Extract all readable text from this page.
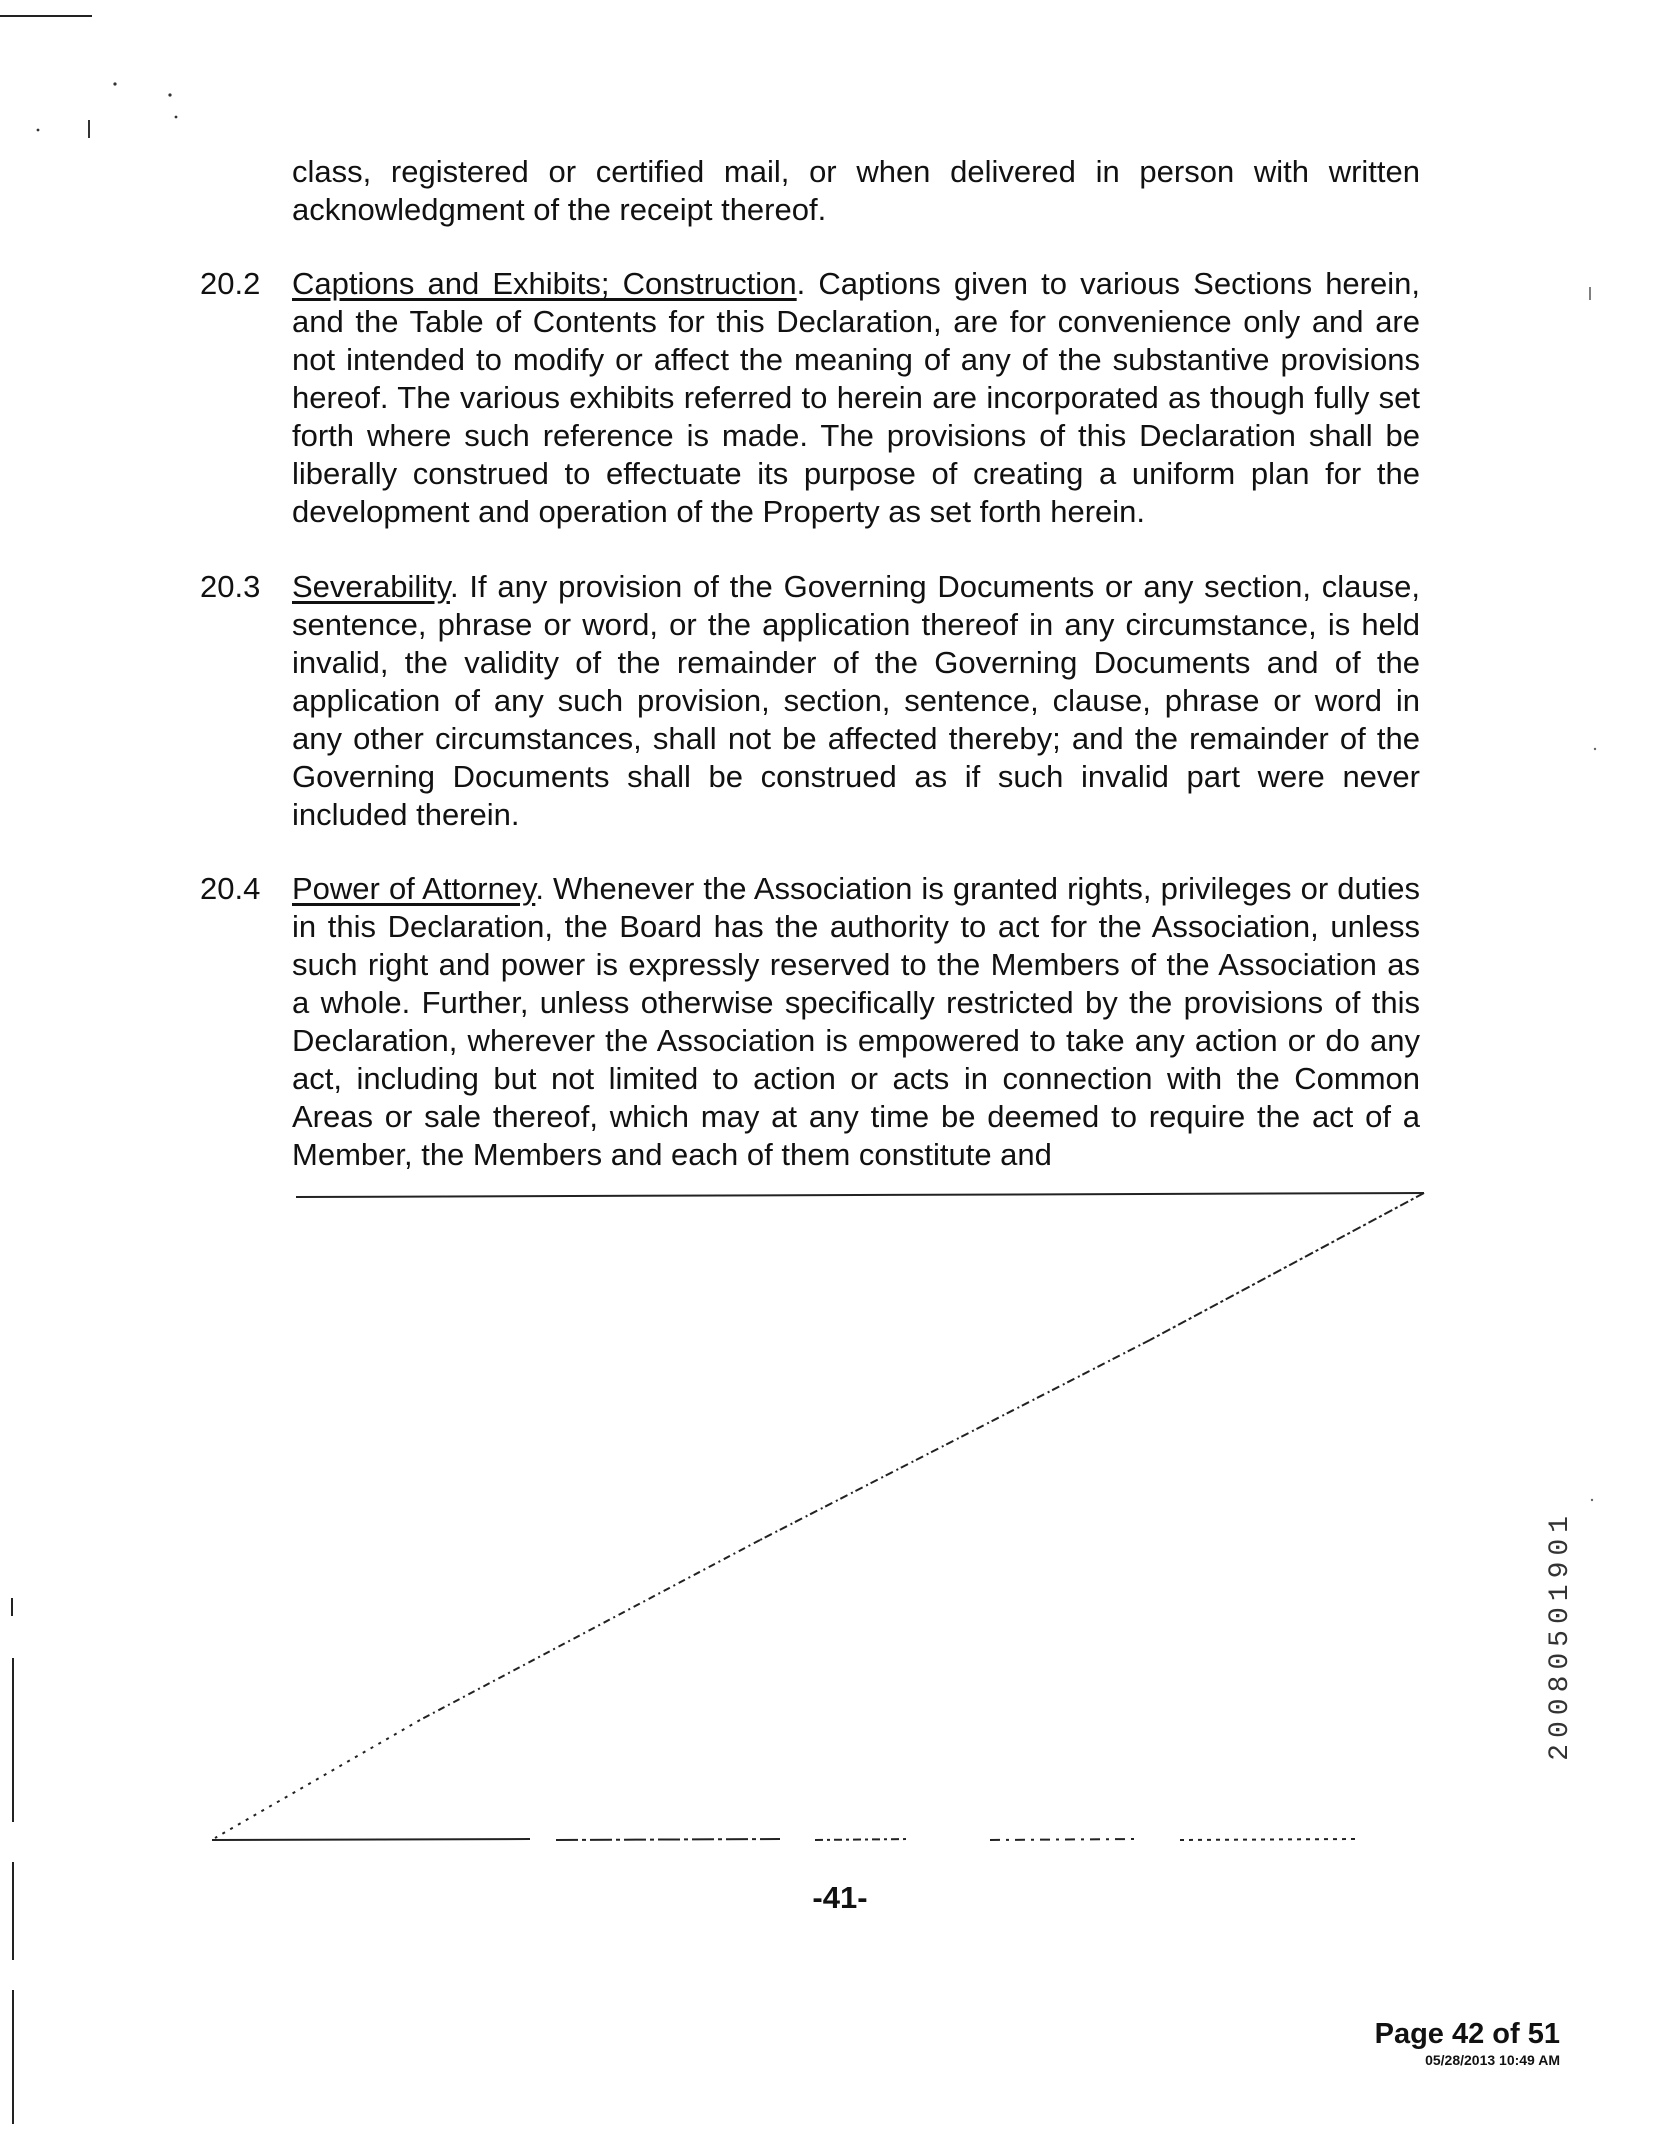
class, registered or certified mail, or when delivered in person with written acknowledgment of the receipt thereof.
20.2	Captions and Exhibits; Construction. Captions given to various Sections herein, and the Table of Contents for this Declaration, are for convenience only and are not intended to modify or affect the meaning of any of the substantive provisions hereof. The various exhibits referred to herein are incorporated as though fully set forth where such reference is made. The provisions of this Declaration shall be liberally construed to effectuate its purpose of creating a uniform plan for the development and operation of the Property as set forth herein.
20.3	Severability. If any provision of the Governing Documents or any section, clause, sentence, phrase or word, or the application thereof in any circumstance, is held invalid, the validity of the remainder of the Governing Documents and of the application of any such provision, section, sentence, clause, phrase or word in any other circumstances, shall not be affected thereby; and the remainder of the Governing Documents shall be construed as if such invalid part were never included therein.
20.4	Power of Attorney. Whenever the Association is granted rights, privileges or duties in this Declaration, the Board has the authority to act for the Association, unless such right and power is expressly reserved to the Members of the Association as a whole. Further, unless otherwise specifically restricted by the provisions of this Declaration, wherever the Association is empowered to take any action or do any act, including but not limited to action or acts in connection with the Common Areas or sale thereof, which may at any time be deemed to require the act of a Member, the Members and each of them constitute and
20080501901
-41-
Page 42 of 51
05/28/2013 10:49 AM
